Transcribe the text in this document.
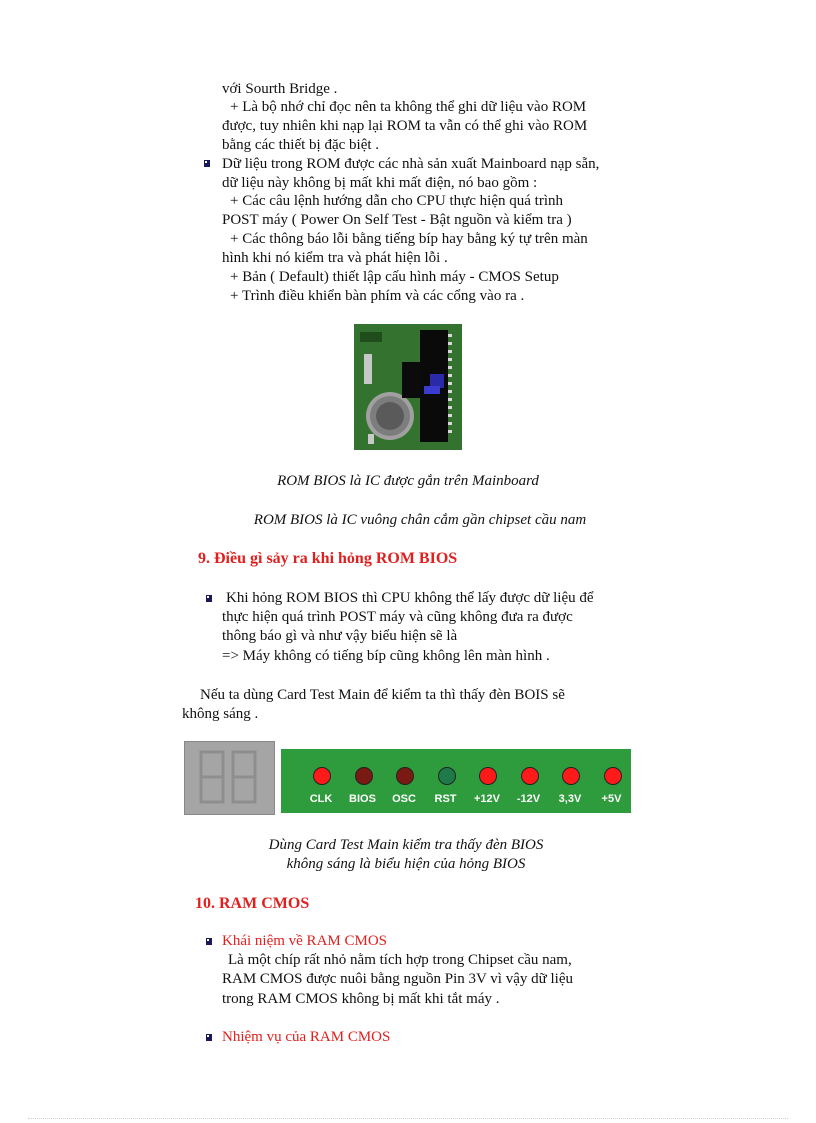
với Sourth Bridge .
+ Là bộ nhớ chỉ đọc nên ta không thể ghi dữ liệu vào ROM
được, tuy nhiên khi nạp lại ROM ta vẫn có thể ghi vào ROM
bằng các thiết bị đặc biệt .
Dữ liệu trong ROM được các nhà sản xuất Mainboard nạp sẵn,
dữ liệu này không bị mất khi mất điện, nó bao gồm :
+ Các câu lệnh hướng dẫn cho CPU thực hiện quá trình
POST máy ( Power On Self Test - Bật nguồn và kiểm tra )
+ Các thông báo lỗi bằng tiếng bíp hay bằng ký tự trên màn
hình khi nó kiểm tra và phát hiện lỗi .
+ Bản ( Default) thiết lập cấu hình máy - CMOS Setup
+ Trình điều khiển bàn phím và các cổng vào ra .
ROM BIOS là IC được gắn trên Mainboard
ROM BIOS là IC vuông chân cắm gần chipset cầu nam
9. Điều gì sảy ra khi hỏng ROM BIOS
Khi hỏng ROM BIOS thì CPU không thể lấy được dữ liệu để
thực hiện quá trình POST máy và cũng không đưa ra được
thông báo gì và như vậy biểu hiện sẽ là
=> Máy không có tiếng bíp cũng không lên màn hình .
Nếu ta dùng Card Test Main để kiểm ta thì thấy đèn BOIS sẽ
không sáng .
CLK	BIOS	OSC	RST	+12V	-12V	3,3V	+5V
Dùng Card Test Main kiểm tra thấy đèn BIOS
không sáng là biểu hiện của hỏng BIOS
10. RAM CMOS
Khái niệm về RAM CMOS
Là một chíp rất nhỏ nằm tích hợp trong Chipset cầu nam,
RAM CMOS được nuôi bằng nguồn Pin 3V vì vậy dữ liệu
trong RAM CMOS không bị mất khi tắt máy .
Nhiệm vụ của RAM CMOS
